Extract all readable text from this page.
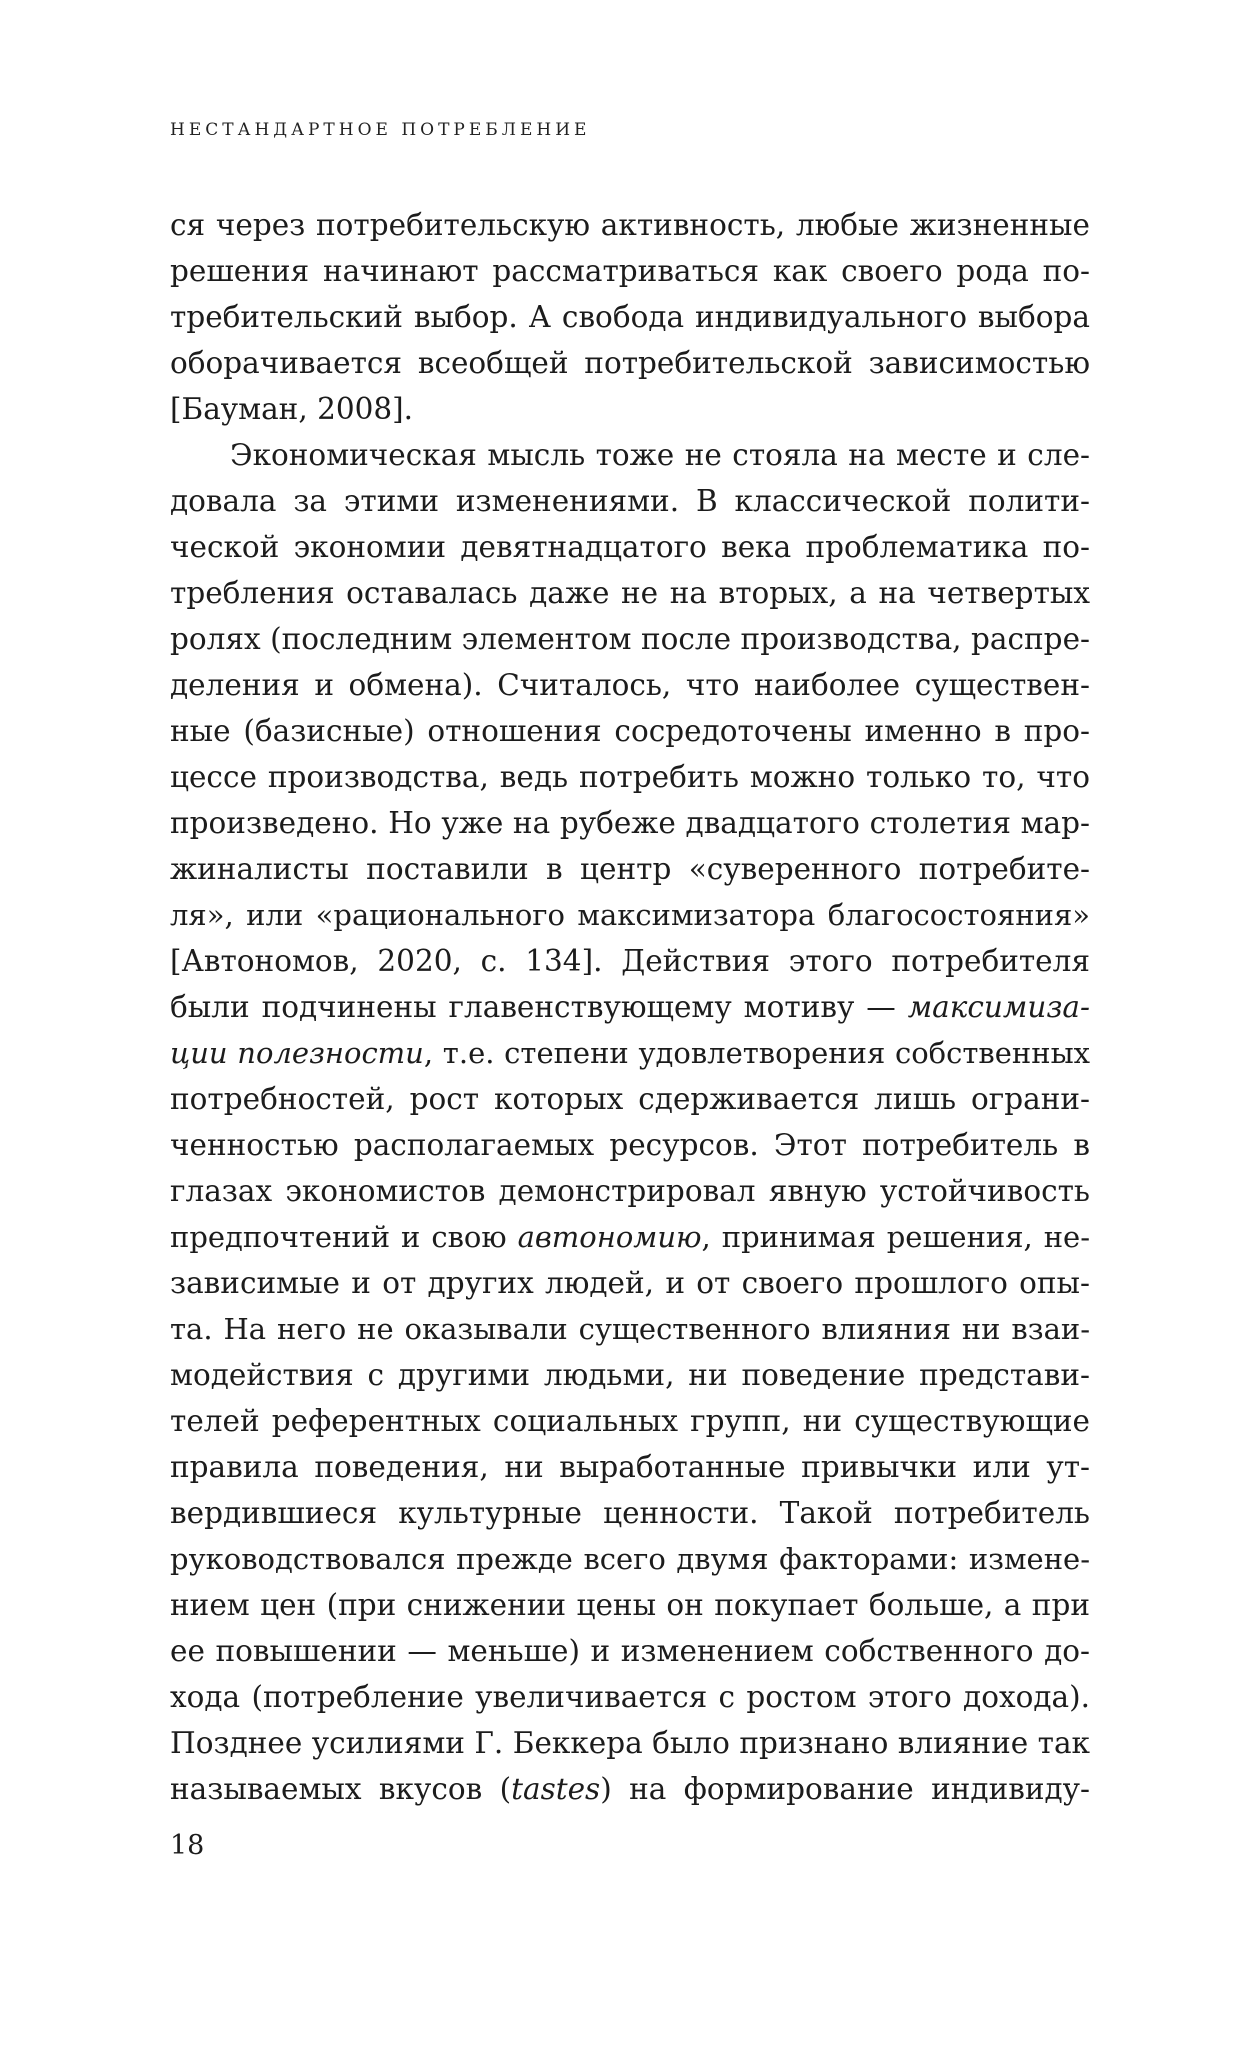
НЕСТАНДАРТНОЕ ПОТРЕБЛЕНИЕ
ся через потребительскую активность, любые жизненные
решения начинают рассматриваться как своего рода по-
требительский выбор. А свобода индивидуального выбора
оборачивается всеобщей потребительской зависимостью
[Бауман, 2008].
Экономическая мысль тоже не стояла на месте и сле-
довала за этими изменениями. В классической полити-
ческой экономии девятнадцатого века проблематика по-
требления оставалась даже не на вторых, а на четвертых
ролях (последним элементом после производства, распре-
деления и обмена). Считалось, что наиболее существен-
ные (базисные) отношения сосредоточены именно в про-
цессе производства, ведь потребить можно только то, что
произведено. Но уже на рубеже двадцатого столетия мар-
жиналисты поставили в центр «суверенного потребите-
ля», или «рационального максимизатора благосостояния»
[Автономов, 2020, с. 134]. Действия этого потребителя
были подчинены главенствующему мотиву — максимиза-
ции полезности, т.е. степени удовлетворения собственных
потребностей, рост которых сдерживается лишь ограни-
ченностью располагаемых ресурсов. Этот потребитель в
глазах экономистов демонстрировал явную устойчивость
предпочтений и свою автономию, принимая решения, не-
зависимые и от других людей, и от своего прошлого опы-
та. На него не оказывали существенного влияния ни взаи-
модействия с другими людьми, ни поведение представи-
телей референтных социальных групп, ни существующие
правила поведения, ни выработанные привычки или ут-
вердившиеся культурные ценности. Такой потребитель
руководствовался прежде всего двумя факторами: измене-
нием цен (при снижении цены он покупает больше, а при
ее повышении — меньше) и изменением собственного до-
хода (потребление увеличивается с ростом этого дохода).
Позднее усилиями Г. Беккера было признано влияние так
называемых вкусов (tastes) на формирование индивиду-
18
